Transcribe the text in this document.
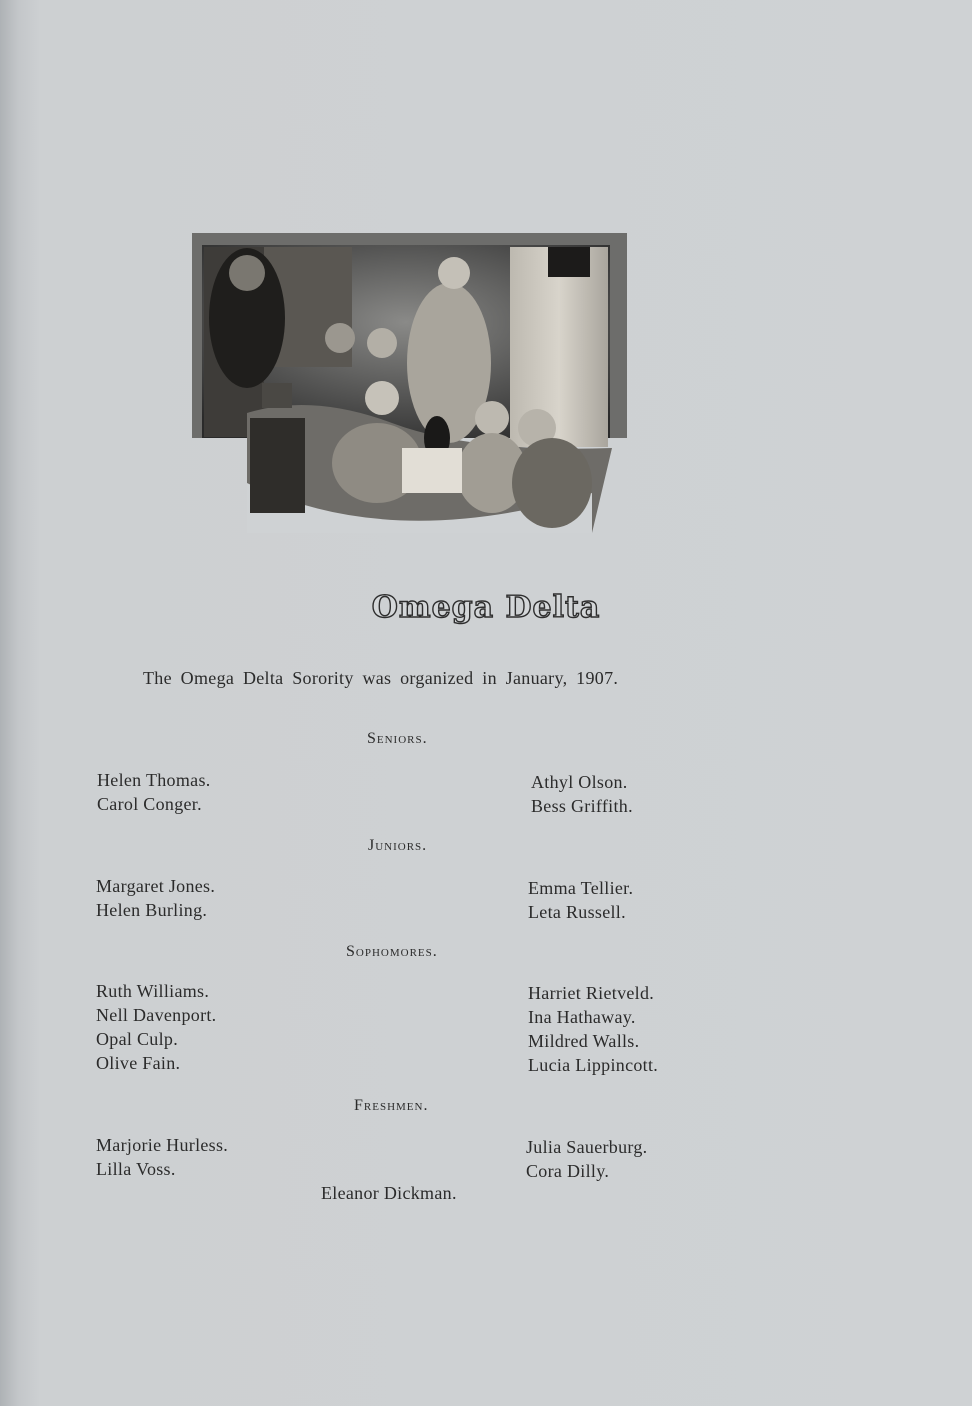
Omega Delta
The Omega Delta Sorority was organized in January, 1907.
Seniors.
Helen Thomas.
Carol Conger.
Athyl Olson.
Bess Griffith.
Juniors.
Margaret Jones.
Helen Burling.
Emma Tellier.
Leta Russell.
Sophomores.
Ruth Williams.
Nell Davenport.
Opal Culp.
Olive Fain.
Harriet Rietveld.
Ina Hathaway.
Mildred Walls.
Lucia Lippincott.
Freshmen.
Marjorie Hurless.
Lilla Voss.
Julia Sauerburg.
Cora Dilly.
Eleanor Dickman.
